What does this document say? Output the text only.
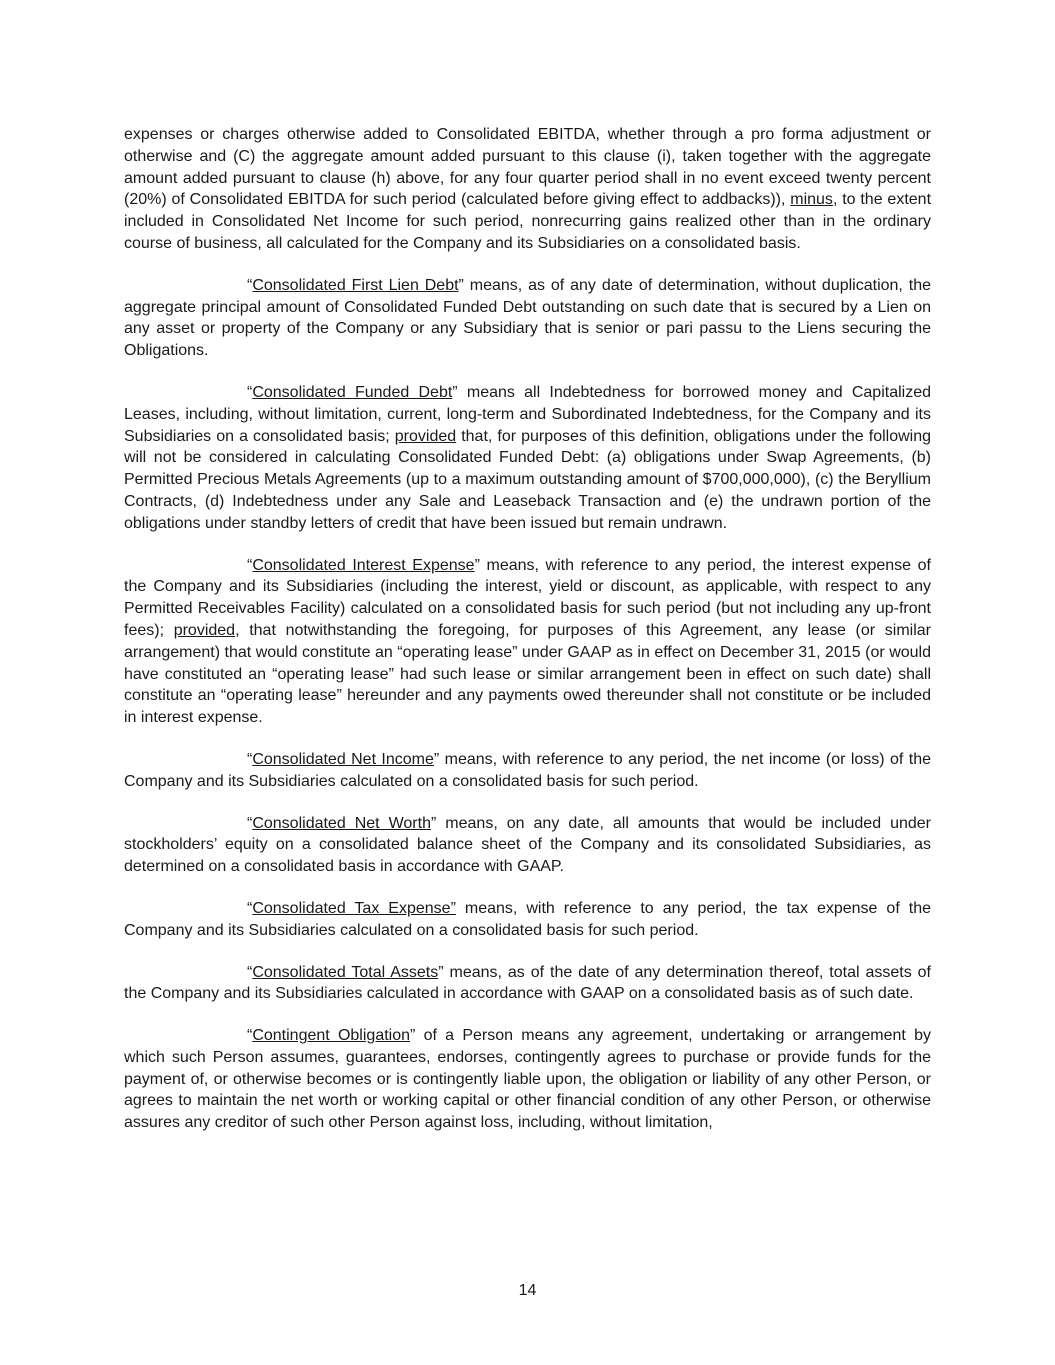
expenses or charges otherwise added to Consolidated EBITDA, whether through a pro forma adjustment or otherwise and (C) the aggregate amount added pursuant to this clause (i), taken together with the aggregate amount added pursuant to clause (h) above, for any four quarter period shall in no event exceed twenty percent (20%) of Consolidated EBITDA for such period (calculated before giving effect to addbacks)), minus, to the extent included in Consolidated Net Income for such period, nonrecurring gains realized other than in the ordinary course of business, all calculated for the Company and its Subsidiaries on a consolidated basis.

“Consolidated First Lien Debt” means, as of any date of determination, without duplication, the aggregate principal amount of Consolidated Funded Debt outstanding on such date that is secured by a Lien on any asset or property of the Company or any Subsidiary that is senior or pari passu to the Liens securing the Obligations.

“Consolidated Funded Debt” means all Indebtedness for borrowed money and Capitalized Leases, including, without limitation, current, long-term and Subordinated Indebtedness, for the Company and its Subsidiaries on a consolidated basis; provided that, for purposes of this definition, obligations under the following will not be considered in calculating Consolidated Funded Debt: (a) obligations under Swap Agreements, (b) Permitted Precious Metals Agreements (up to a maximum outstanding amount of $700,000,000), (c) the Beryllium Contracts, (d) Indebtedness under any Sale and Leaseback Transaction and (e) the undrawn portion of the obligations under standby letters of credit that have been issued but remain undrawn.

“Consolidated Interest Expense” means, with reference to any period, the interest expense of the Company and its Subsidiaries (including the interest, yield or discount, as applicable, with respect to any Permitted Receivables Facility) calculated on a consolidated basis for such period (but not including any up-front fees); provided, that notwithstanding the foregoing, for purposes of this Agreement, any lease (or similar arrangement) that would constitute an “operating lease” under GAAP as in effect on December 31, 2015 (or would have constituted an “operating lease” had such lease or similar arrangement been in effect on such date) shall constitute an “operating lease” hereunder and any payments owed thereunder shall not constitute or be included in interest expense.

“Consolidated Net Income” means, with reference to any period, the net income (or loss) of the Company and its Subsidiaries calculated on a consolidated basis for such period.

“Consolidated Net Worth” means, on any date, all amounts that would be included under stockholders’ equity on a consolidated balance sheet of the Company and its consolidated Subsidiaries, as determined on a consolidated basis in accordance with GAAP.

“Consolidated Tax Expense” means, with reference to any period, the tax expense of the Company and its Subsidiaries calculated on a consolidated basis for such period.

“Consolidated Total Assets” means, as of the date of any determination thereof, total assets of the Company and its Subsidiaries calculated in accordance with GAAP on a consolidated basis as of such date.

“Contingent Obligation” of a Person means any agreement, undertaking or arrangement by which such Person assumes, guarantees, endorses, contingently agrees to purchase or provide funds for the payment of, or otherwise becomes or is contingently liable upon, the obligation or liability of any other Person, or agrees to maintain the net worth or working capital or other financial condition of any other Person, or otherwise assures any creditor of such other Person against loss, including, without limitation,

14
